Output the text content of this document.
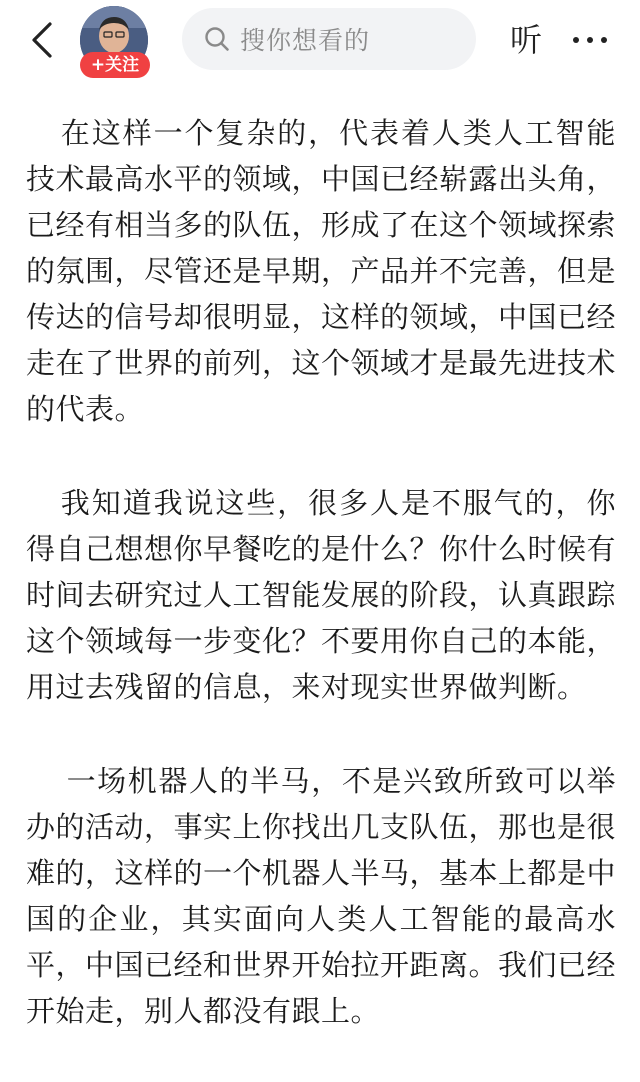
+关注
搜你想看的	听

在这样一个复杂的，代表着人类人工智能技术最高水平的领域，中国已经崭露出头角，已经有相当多的队伍，形成了在这个领域探索的氛围，尽管还是早期，产品并不完善，但是传达的信号却很明显，这样的领域，中国已经走在了世界的前列，这个领域才是最先进技术的代表。

我知道我说这些，很多人是不服气的，你得自己想想你早餐吃的是什么？你什么时候有时间去研究过人工智能发展的阶段，认真跟踪这个领域每一步变化？不要用你自己的本能，用过去残留的信息，来对现实世界做判断。

一场机器人的半马，不是兴致所致可以举办的活动，事实上你找出几支队伍，那也是很难的，这样的一个机器人半马，基本上都是中国的企业，其实面向人类人工智能的最高水平，中国已经和世界开始拉开距离。我们已经开始走，别人都没有跟上。
